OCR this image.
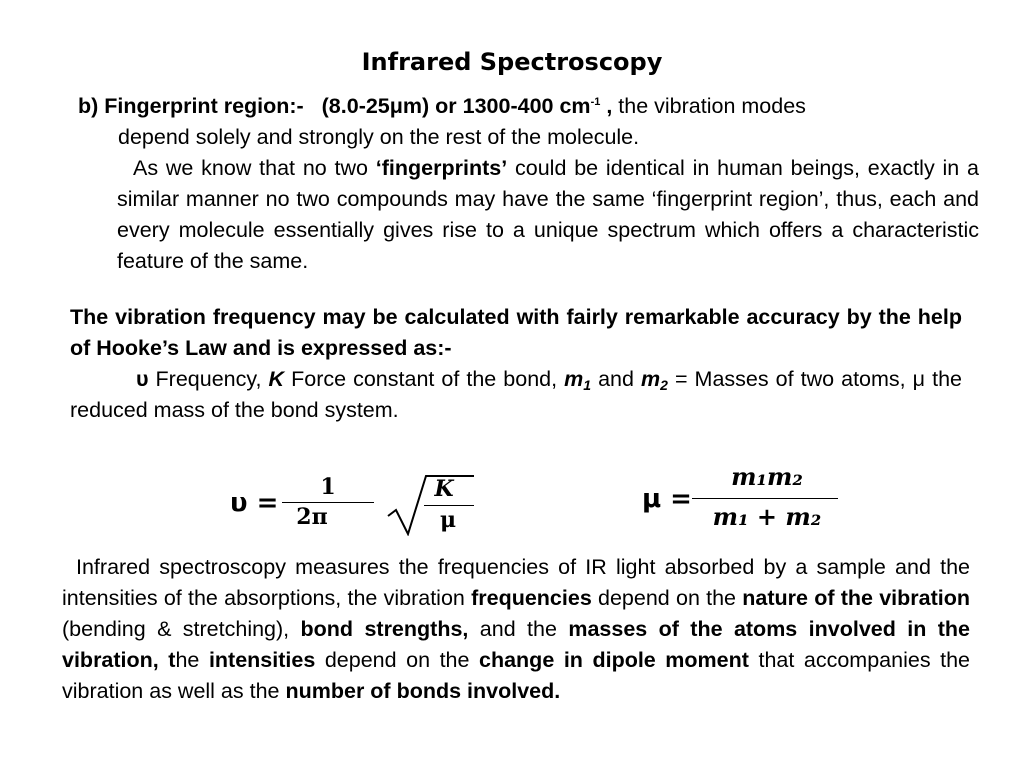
Infrared Spectroscopy
b) Fingerprint region:- (8.0-25μm) or 1300-400 $cm^{-1}$ , the vibration modes
depend solely and strongly on the rest of the molecule.
As we know that no two ‘fingerprints’ could be identical in human beings, exactly in a similar manner no two compounds may have the same ‘fingerprint region’, thus, each and every molecule essentially gives rise to a unique spectrum which offers a characteristic feature of the same.
The vibration frequency may be calculated with fairly remarkable accuracy by the help of Hooke’s Law and is expressed as:-
υ Frequency, K Force constant of the bond, $m_1$ and $m_2$ = Masses of two atoms, μ the reduced mass of the bond system.
υ =
1
2π
K
μ
μ =
m₁m₂
m₁ + m₂
Infrared spectroscopy measures the frequencies of IR light absorbed by a sample and the intensities of the absorptions, the vibration frequencies depend on the nature of the vibration (bending & stretching), bond strengths, and the masses of the atoms involved in the vibration, the intensities depend on the change in dipole moment that accompanies the vibration as well as the number of bonds involved.
